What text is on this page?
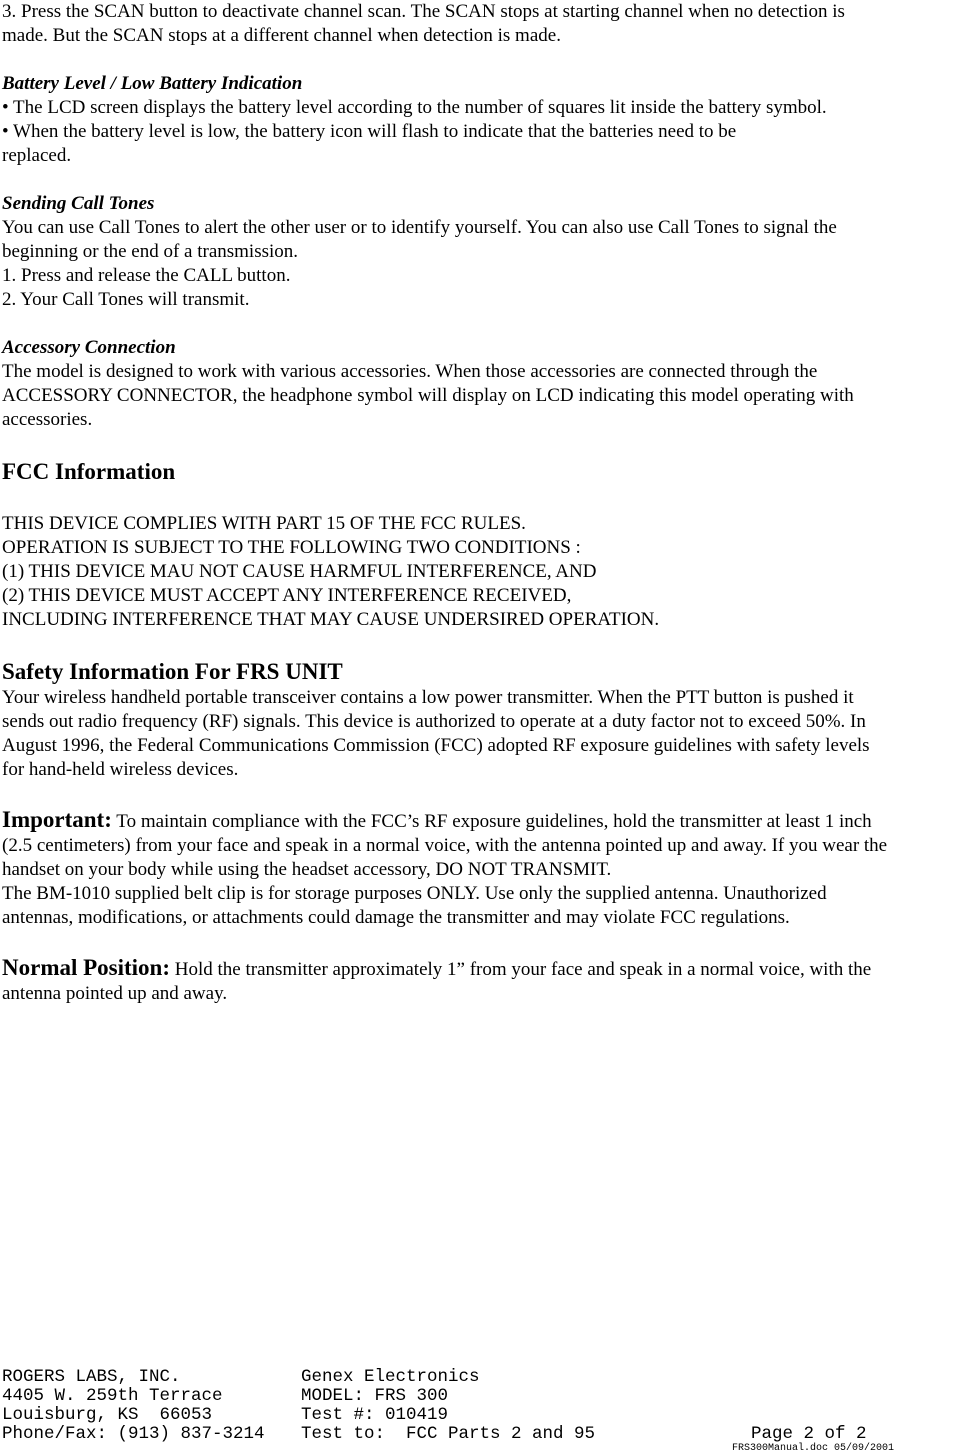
3. Press the SCAN button to deactivate channel scan. The SCAN stops at starting channel when no detection is

made. But the SCAN stops at a different channel when detection is made.

Battery Level / Low Battery Indication

• The LCD screen displays the battery level according to the number of squares lit inside the battery symbol.

• When the battery level is low, the battery icon will flash to indicate that the batteries need to be

replaced.

Sending Call Tones

You can use Call Tones to alert the other user or to identify yourself. You can also use Call Tones to signal the

beginning or the end of a transmission.

1. Press and release the CALL button.

2. Your Call Tones will transmit.

Accessory Connection

The model is designed to work with various accessories. When those accessories are connected through the

ACCESSORY CONNECTOR, the headphone symbol will display on LCD indicating this model operating with

accessories.

FCC Information

THIS DEVICE COMPLIES WITH PART 15 OF THE FCC RULES.

OPERATION IS SUBJECT TO THE FOLLOWING TWO CONDITIONS :

(1) THIS DEVICE MAU NOT CAUSE HARMFUL INTERFERENCE, AND

(2) THIS DEVICE MUST ACCEPT ANY INTERFERENCE RECEIVED,

INCLUDING INTERFERENCE THAT MAY CAUSE UNDERSIRED OPERATION.

Safety Information For FRS UNIT

Your wireless handheld portable transceiver contains a low power transmitter. When the PTT button is pushed it

sends out radio frequency (RF) signals. This device is authorized to operate at a duty factor not to exceed 50%. In

August 1996, the Federal Communications Commission (FCC) adopted RF exposure guidelines with safety levels

for hand-held wireless devices.

Important: To maintain compliance with the FCC’s RF exposure guidelines, hold the transmitter at least 1 inch

(2.5 centimeters) from your face and speak in a normal voice, with the antenna pointed up and away. If you wear the

handset on your body while using the headset accessory, DO NOT TRANSMIT.

The BM-1010 supplied belt clip is for storage purposes ONLY. Use only the supplied antenna. Unauthorized

antennas, modifications, or attachments could damage the transmitter and may violate FCC regulations.

Normal Position: Hold the transmitter approximately 1” from your face and speak in a normal voice, with the

antenna pointed up and away.

ROGERS LABS, INC.	Genex Electronics
4405 W. 259th Terrace	MODEL: FRS 300
Louisburg, KS  66053	Test #: 010419
Phone/Fax: (913) 837-3214	Test to:  FCC Parts 2 and 95	Page 2 of 2
FRS300Manual.doc 05/09/2001
